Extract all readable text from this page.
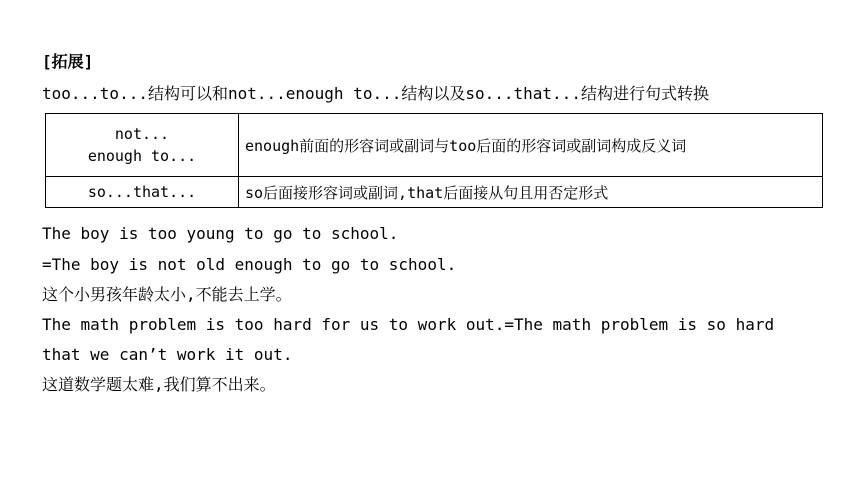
[拓展]
too...to...结构可以和not...enough to...结构以及so...that...结构进行句式转换
not...
enough to...	enough前面的形容词或副词与too后面的形容词或副词构成反义词
so...that...	so后面接形容词或副词,that后面接从句且用否定形式
The boy is too young to go to school.
=The boy is not old enough to go to school.
这个小男孩年龄太小,不能去上学。
The math problem is too hard for us to work out.=The math problem is so hard
that we can’t work it out.
这道数学题太难,我们算不出来。
